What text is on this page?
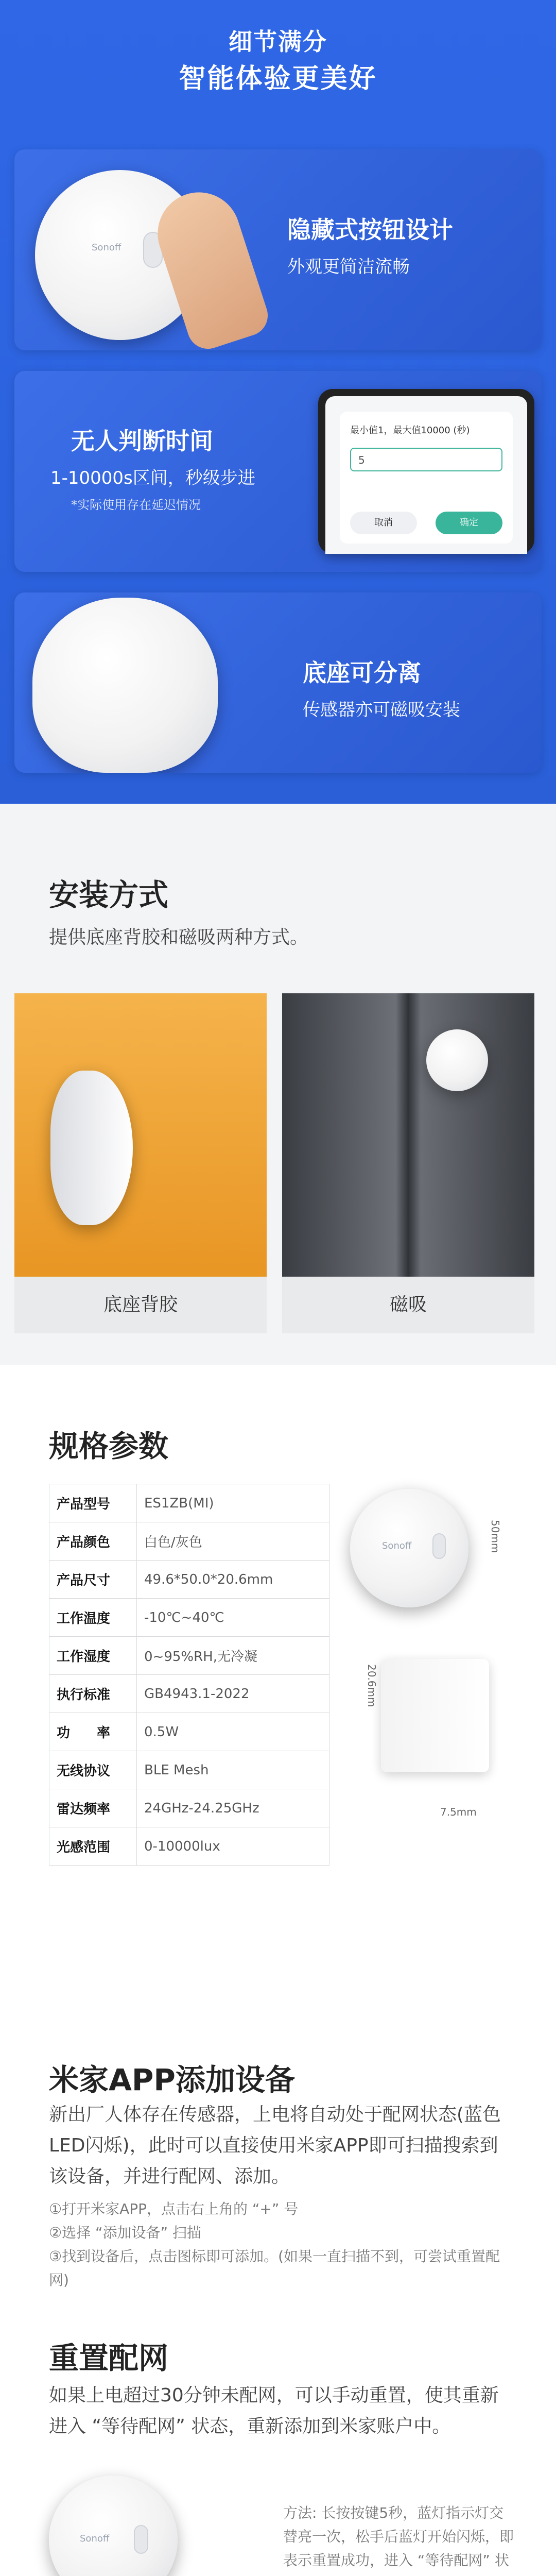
细节满分
智能体验更美好
Sonoff
隐藏式按钮设计
外观更简洁流畅
无人判断时间
1-10000s区间，秒级步进
*实际使用存在延迟情况
最小值1，最大值10000 (秒)
5
取消	确定
底座可分离
传感器亦可磁吸安装
安装方式
提供底座背胶和磁吸两种方式。
底座背胶	磁吸
规格参数
产品型号	ES1ZB(MI)
产品颜色	白色/灰色
产品尺寸	49.6*50.0*20.6mm
工作温度	-10℃~40℃
工作湿度	0~95%RH,无冷凝
执行标准	GB4943.1-2022
功　　率	0.5W
无线协议	BLE Mesh
雷达频率	24GHz-24.25GHz
光感范围	0-10000lux
Sonoff	50mm
20.6mm
7.5mm
米家APP添加设备
新出厂人体存在传感器，上电将自动处于配网状态(蓝色LED闪烁)，此时可以直接使用米家APP即可扫描搜索到该设备，并进行配网、添加。
①打开米家APP，点击右上角的 “+” 号
②选择 “添加设备” 扫描
③找到设备后，点击图标即可添加。(如果一直扫描不到，可尝试重置配网)
重置配网
如果上电超过30分钟未配网，可以手动重置，使其重新进入 “等待配网” 状态，重新添加到米家账户中。
Sonoff
方法: 长按按键5秒，蓝灯指示灯交替亮一次，松手后蓝灯开始闪烁，即表示重置成功，进入 “等待配网” 状
